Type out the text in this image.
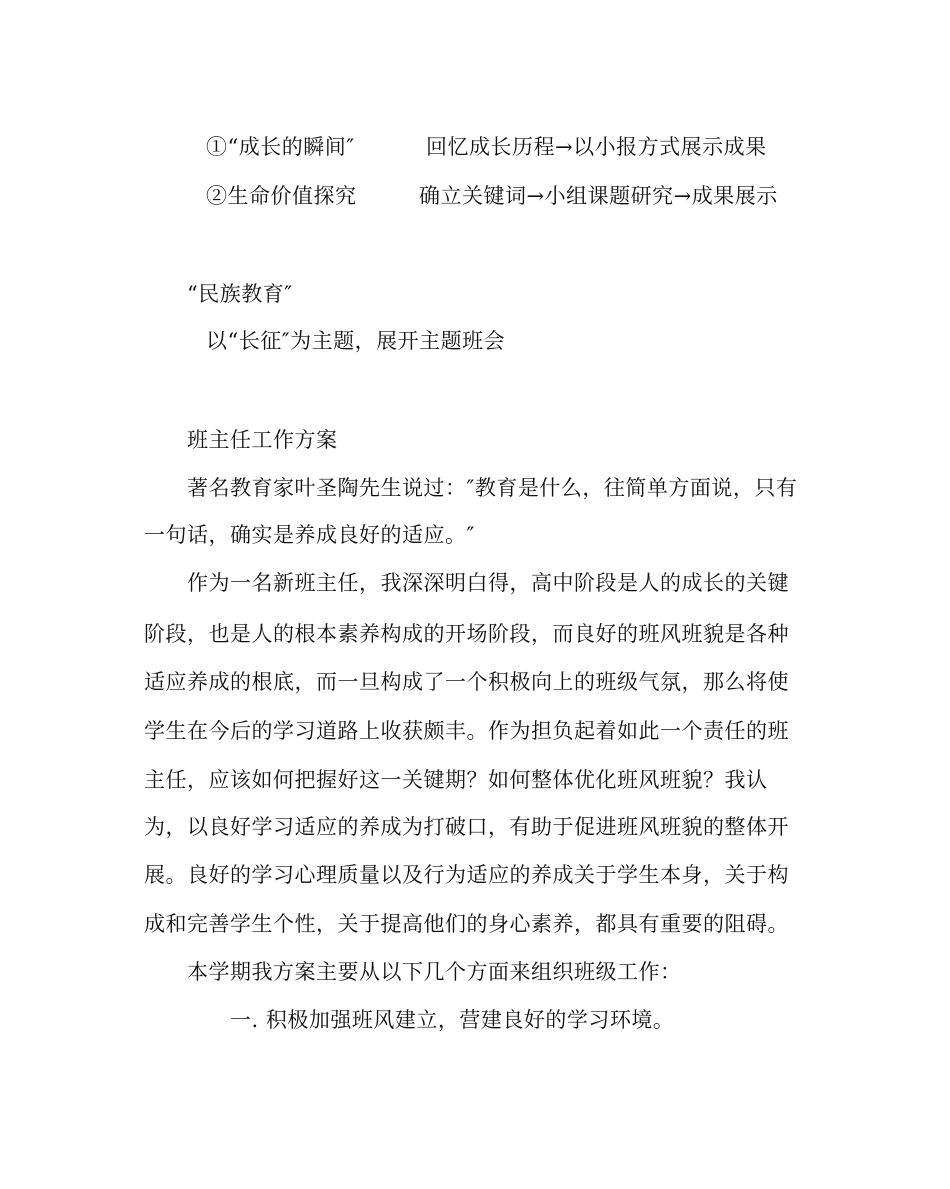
①“成长的瞬间″	回忆成长历程→以小报方式展示成果
②生命价值探究	确立关键词→小组课题研究→成果展示
“民族教育″
以“长征″为主题，展开主题班会
班主任工作方案
著名教育家叶圣陶先生说过：″教育是什么，往简单方面说，只有
一句话，确实是养成良好的适应。″
作为一名新班主任，我深深明白得，高中阶段是人的成长的关键
阶段，也是人的根本素养构成的开场阶段，而良好的班风班貌是各种
适应养成的根底，而一旦构成了一个积极向上的班级气氛，那么将使
学生在今后的学习道路上收获颇丰。作为担负起着如此一个责任的班
主任，应该如何把握好这一关键期？如何整体优化班风班貌？我认
为，以良好学习适应的养成为打破口，有助于促进班风班貌的整体开
展。良好的学习心理质量以及行为适应的养成关于学生本身，关于构
成和完善学生个性，关于提高他们的身心素养，都具有重要的阻碍。
本学期我方案主要从以下几个方面来组织班级工作：
一. 积极加强班风建立，营建良好的学习环境。
